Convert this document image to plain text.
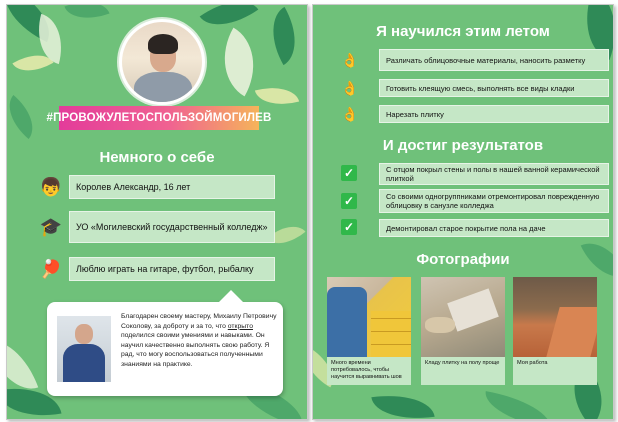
#ПРОВОЖУЛЕТОСПОЛЬЗОЙМОГИЛЕВ
Немного о себе
👦	Королев Александр, 16 лет
🎓	УО «Могилевский государственный колледж»
🏓	Люблю играть на гитаре, футбол, рыбалку
Благодарен своему мастеру, Михаилу Петровичу Соколову, за доброту и за то, что открыто поделился своими умениями и навыками. Он научил качественно выполнять свою работу. Я рад, что могу воспользоваться полученными знаниями на практике.
Я научился этим летом
👌	Различать облицовочные материалы, наносить разметку
👌	Готовить клеящую смесь, выполнять все виды кладки
👌	Нарезать плитку
И достиг результатов
✓	С отцом покрыл стены и полы в нашей ванной керамической плиткой
✓	Со своими одногруппниками отремонтировал поврежденную облицовку в санузле колледжа
✓	Демонтировал старое покрытие пола на даче
Фотографии
Много времени потребовалось, чтобы научится выравнивать шов
Кладу плитку на полу проще	Моя работа
